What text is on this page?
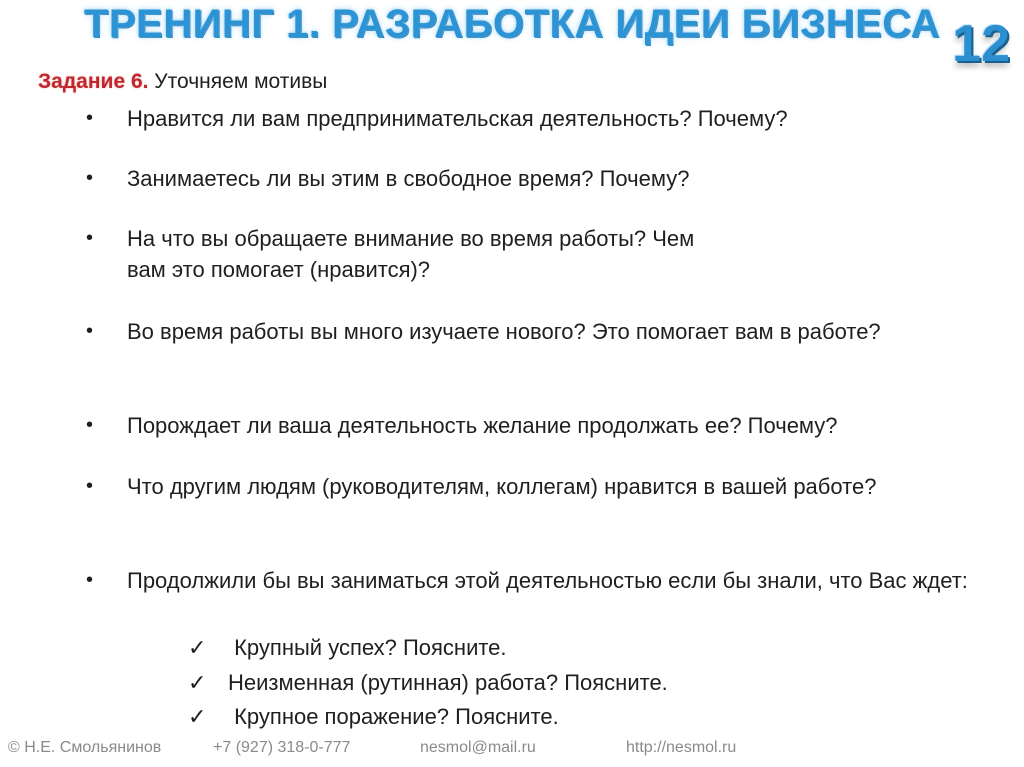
ТРЕНИНГ 1. РАЗРАБОТКА ИДЕИ БИЗНЕСА 12
Задание 6. Уточняем мотивы
•	Нравится ли вам предпринимательская деятельность? Почему?
•	Занимаетесь ли вы этим в свободное время? Почему?
•	На что вы обращаете внимание во время работы? Чем вам это помогает (нравится)?
•	Во время работы вы много изучаете нового? Это помогает вам в работе?
•	Порождает ли ваша деятельность желание продолжать ее? Почему?
•	Что другим людям (руководителям, коллегам) нравится в вашей работе?
•	Продолжили бы вы заниматься этой деятельностью если бы знали, что Вас ждет:
✓ Крупный успех? Поясните.
✓ Неизменная (рутинная) работа? Поясните.
✓ Крупное поражение? Поясните.
© Н.Е. Смольянинов	+7 (927) 318-0-777	nesmol@mail.ru	http://nesmol.ru
